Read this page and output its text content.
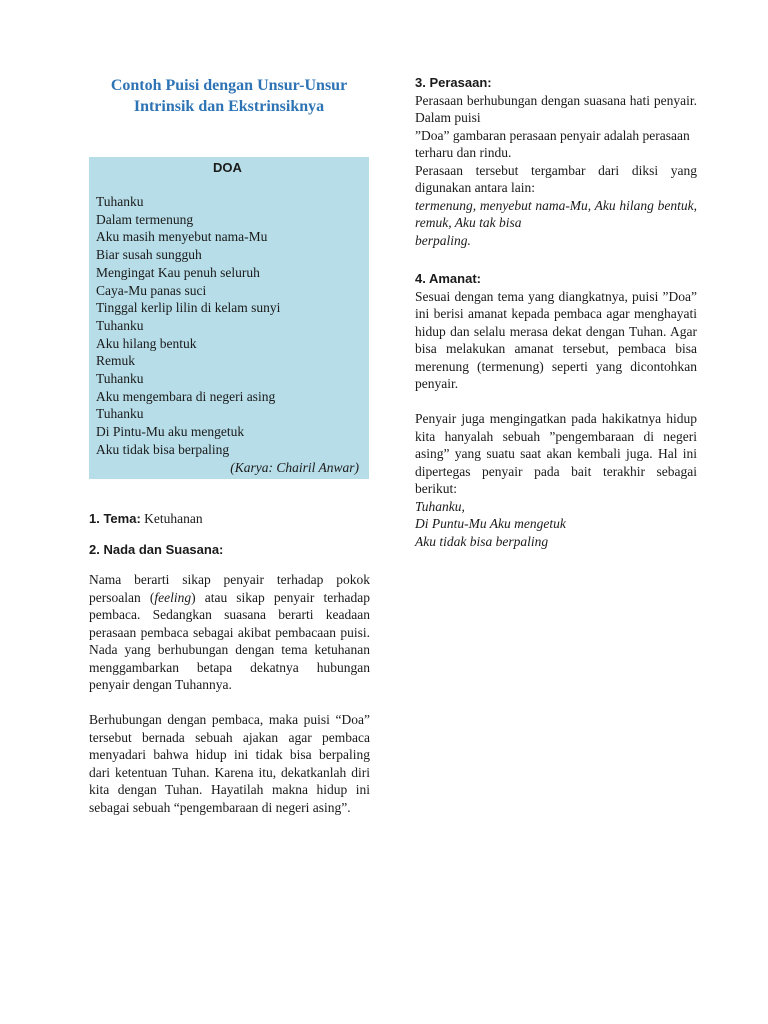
Contoh Puisi dengan Unsur-Unsur
Intrinsik dan Ekstrinsiknya
DOA
Tuhanku
Dalam termenung
Aku masih menyebut nama-Mu
Biar susah sungguh
Mengingat Kau penuh seluruh
Caya-Mu panas suci
Tinggal kerlip lilin di kelam sunyi
Tuhanku
Aku hilang bentuk
Remuk
Tuhanku
Aku mengembara di negeri asing
Tuhanku
Di Pintu-Mu aku mengetuk
Aku tidak bisa berpaling
(Karya: Chairil Anwar)
1. Tema: Ketuhanan
2. Nada dan Suasana:

Nama berarti sikap penyair terhadap pokok persoalan (feeling) atau sikap penyair terhadap pembaca. Sedangkan suasana berarti keadaan perasaan pembaca sebagai akibat pembacaan puisi. Nada yang berhubungan dengan tema ketuhanan menggambarkan betapa dekatnya hubungan penyair dengan Tuhannya.

Berhubungan dengan pembaca, maka puisi “Doa” tersebut bernada sebuah ajakan agar pembaca menyadari bahwa hidup ini tidak bisa berpaling dari ketentuan Tuhan. Karena itu, dekatkanlah diri kita dengan Tuhan. Hayatilah makna hidup ini sebagai sebuah “pengembaraan di negeri asing”.

3. Perasaan:

Perasaan berhubungan dengan suasana hati penyair. Dalam puisi

”Doa” gambaran perasaan penyair adalah perasaan terharu dan rindu.

Perasaan tersebut tergambar dari diksi yang digunakan antara lain:

termenung, menyebut nama-Mu, Aku hilang bentuk, remuk, Aku tak bisa

berpaling.

4. Amanat:

Sesuai dengan tema yang diangkatnya, puisi ”Doa” ini berisi amanat kepada pembaca agar menghayati hidup dan selalu merasa dekat dengan Tuhan. Agar bisa melakukan amanat tersebut, pembaca bisa merenung (termenung) seperti yang dicontohkan penyair.

Penyair juga mengingatkan pada hakikatnya hidup kita hanyalah sebuah ”pengembaraan di negeri asing” yang suatu saat akan kembali juga. Hal ini dipertegas penyair pada bait terakhir sebagai berikut:

Tuhanku,
Di Puntu-Mu Aku mengetuk
Aku tidak bisa berpaling
